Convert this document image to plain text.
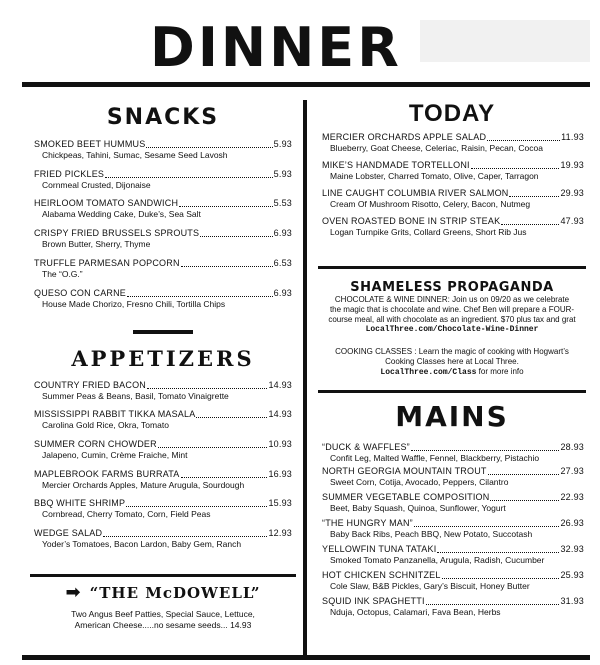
DINNER
SNACKS
SMOKED BEET HUMMUS	5.93
Chickpeas, Tahini, Sumac, Sesame Seed Lavosh
FRIED PICKLES	5.93
Cornmeal Crusted, Dijonaise
HEIRLOOM TOMATO SANDWICH	5.53
Alabama Wedding Cake, Duke’s, Sea Salt
CRISPY FRIED BRUSSELS SPROUTS	6.93
Brown Butter, Sherry, Thyme
TRUFFLE PARMESAN POPCORN	6.53
The “O.G.”
QUESO CON CARNE	6.93
House Made Chorizo, Fresno Chili, Tortilla Chips
APPETIZERS
COUNTRY FRIED BACON	14.93
Summer Peas & Beans, Basil, Tomato Vinaigrette
MISSISSIPPI RABBIT TIKKA MASALA	14.93
Carolina Gold Rice, Okra, Tomato
SUMMER CORN CHOWDER	10.93
Jalapeno, Cumin, Crème Fraiche, Mint
MAPLEBROOK FARMS BURRATA	16.93
Mercier Orchards Apples, Mature Arugula, Sourdough
BBQ WHITE SHRIMP	15.93
Cornbread, Cherry Tomato, Corn, Field Peas
WEDGE SALAD	12.93
Yoder’s Tomatoes, Bacon Lardon, Baby Gem, Ranch
➡ “THE McDOWELL”
Two Angus Beef Patties, Special Sauce, Lettuce,
American Cheese.....no sesame seeds... 14.93
TODAY
MERCIER ORCHARDS APPLE SALAD	11.93
Blueberry, Goat Cheese, Celeriac, Raisin, Pecan, Cocoa
MIKE’S HANDMADE TORTELLONI	19.93
Maine Lobster, Charred Tomato, Olive, Caper, Tarragon
LINE CAUGHT COLUMBIA RIVER SALMON	29.93
Cream Of Mushroom Risotto, Celery, Bacon, Nutmeg
OVEN ROASTED BONE IN STRIP STEAK	47.93
Logan Turnpike Grits, Collard Greens, Short Rib Jus
SHAMELESS PROPAGANDA
CHOCOLATE & WINE DINNER: Join us on 09/20 as we celebrate
the magic that is chocolate and wine. Chef Ben will prepare a FOUR-
course meal, all with chocolate as an ingredient. $70 plus tax and grat
LocalThree.com/Chocolate-Wine-Dinner
COOKING CLASSES : Learn the magic of cooking with Hogwart’s
Cooking Classes here at Local Three.
LocalThree.com/Class for more info
MAINS
“DUCK & WAFFLES”	28.93
Confit Leg, Malted Waffle, Fennel, Blackberry, Pistachio
NORTH GEORGIA MOUNTAIN TROUT	27.93
Sweet Corn, Cotija, Avocado, Peppers, Cilantro
SUMMER VEGETABLE COMPOSITION	22.93
Beet, Baby Squash, Quinoa, Sunflower, Yogurt
“THE HUNGRY MAN”	26.93
Baby Back Ribs, Peach BBQ, New Potato, Succotash
YELLOWFIN TUNA TATAKI	32.93
Smoked Tomato Panzanella, Arugula, Radish, Cucumber
HOT CHICKEN SCHNITZEL	25.93
Cole Slaw, B&B Pickles, Gary’s Biscuit, Honey Butter
SQUID INK SPAGHETTI	31.93
Nduja, Octopus, Calamari, Fava Bean, Herbs
